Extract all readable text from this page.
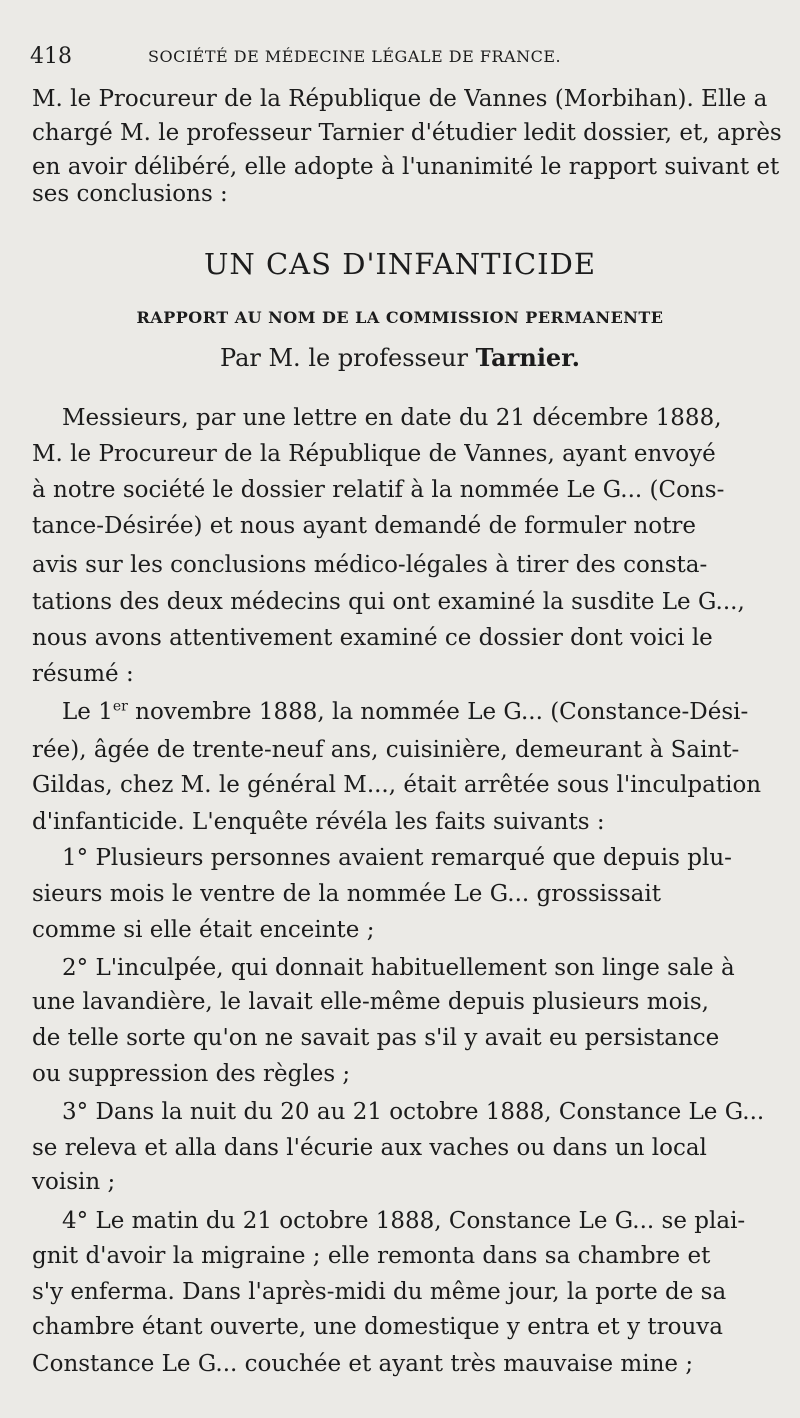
418	SOCIÉTÉ DE MÉDECINE LÉGALE DE FRANCE.
M. le Procureur de la République de Vannes (Morbihan). Elle a
chargé M. le professeur Tarnier d'étudier ledit dossier, et, après
en avoir délibéré, elle adopte à l'unanimité le rapport suivant et
ses conclusions :
UN CAS D'INFANTICIDE
RAPPORT AU NOM DE LA COMMISSION PERMANENTE
Par M. le professeur Tarnier.
Messieurs, par une lettre en date du 21 décembre 1888,
M. le Procureur de la République de Vannes, ayant envoyé
à notre société le dossier relatif à la nommée Le G... (Cons-
tance-Désirée) et nous ayant demandé de formuler notre
avis sur les conclusions médico-légales à tirer des consta-
tations des deux médecins qui ont examiné la susdite Le G...,
nous avons attentivement examiné ce dossier dont voici le
résumé :
Le 1er novembre 1888, la nommée Le G... (Constance-Dési-
rée), âgée de trente-neuf ans, cuisinière, demeurant à Saint-
Gildas, chez M. le général M..., était arrêtée sous l'inculpation
d'infanticide. L'enquête révéla les faits suivants :
1° Plusieurs personnes avaient remarqué que depuis plu-
sieurs mois le ventre de la nommée Le G... grossissait
comme si elle était enceinte ;
2° L'inculpée, qui donnait habituellement son linge sale à
une lavandière, le lavait elle-même depuis plusieurs mois,
de telle sorte qu'on ne savait pas s'il y avait eu persistance
ou suppression des règles ;
3° Dans la nuit du 20 au 21 octobre 1888, Constance Le G...
se releva et alla dans l'écurie aux vaches ou dans un local
voisin ;
4° Le matin du 21 octobre 1888, Constance Le G... se plai-
gnit d'avoir la migraine ; elle remonta dans sa chambre et
s'y enferma. Dans l'après-midi du même jour, la porte de sa
chambre étant ouverte, une domestique y entra et y trouva
Constance Le G... couchée et ayant très mauvaise mine ;
